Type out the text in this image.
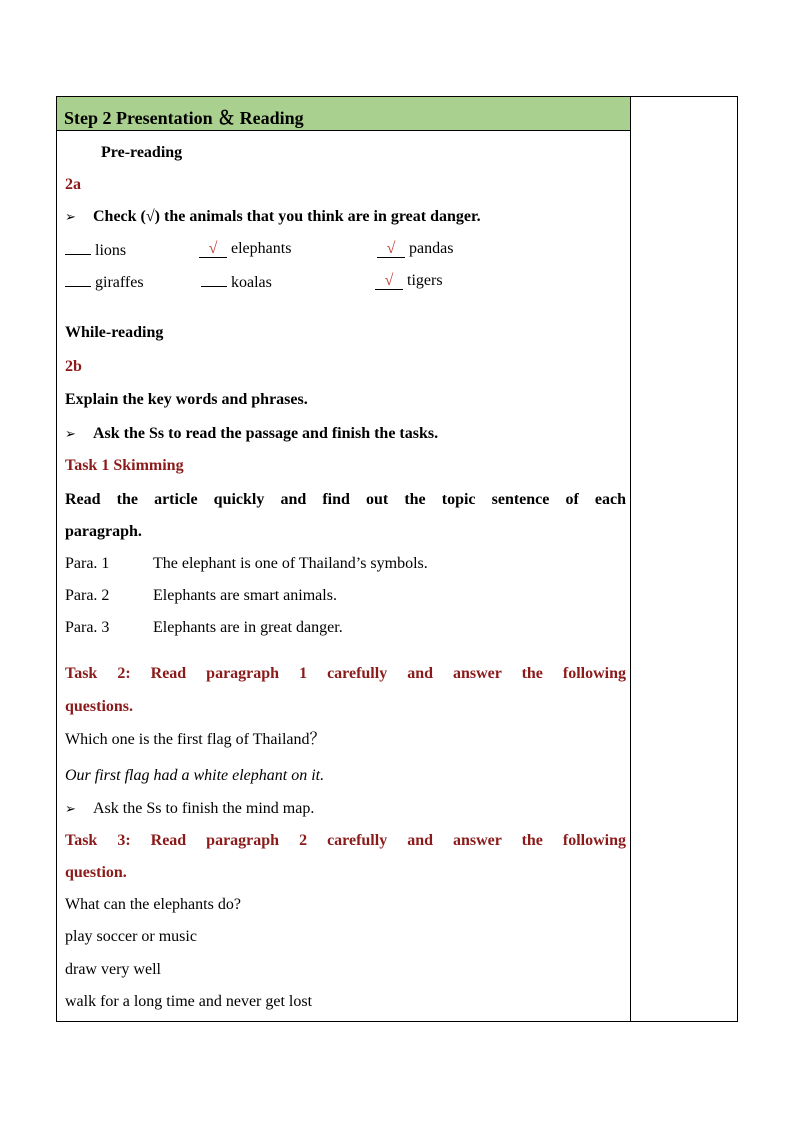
Step 2 Presentation ＆ Reading
Pre-reading
2a
➢ Check (√) the animals that you think are in great danger.
lions	√ elephants	√ pandas
giraffes	koalas	√ tigers
While-reading
2b
Explain the key words and phrases.
➢ Ask the Ss to read the passage and finish the tasks.
Task 1 Skimming
Read the article quickly and find out the topic sentence of each
paragraph.
Para. 1	The elephant is one of Thailand’s symbols.
Para. 2	Elephants are smart animals.
Para. 3	Elephants are in great danger.
Task 2: Read paragraph 1 carefully and answer the following
questions.
Which one is the first flag of Thailand？
Our first flag had a white elephant on it.
➢ Ask the Ss to finish the mind map.
Task 3: Read paragraph 2 carefully and answer the following
question.
What can the elephants do?
play soccer or music
draw very well
walk for a long time and never get lost
